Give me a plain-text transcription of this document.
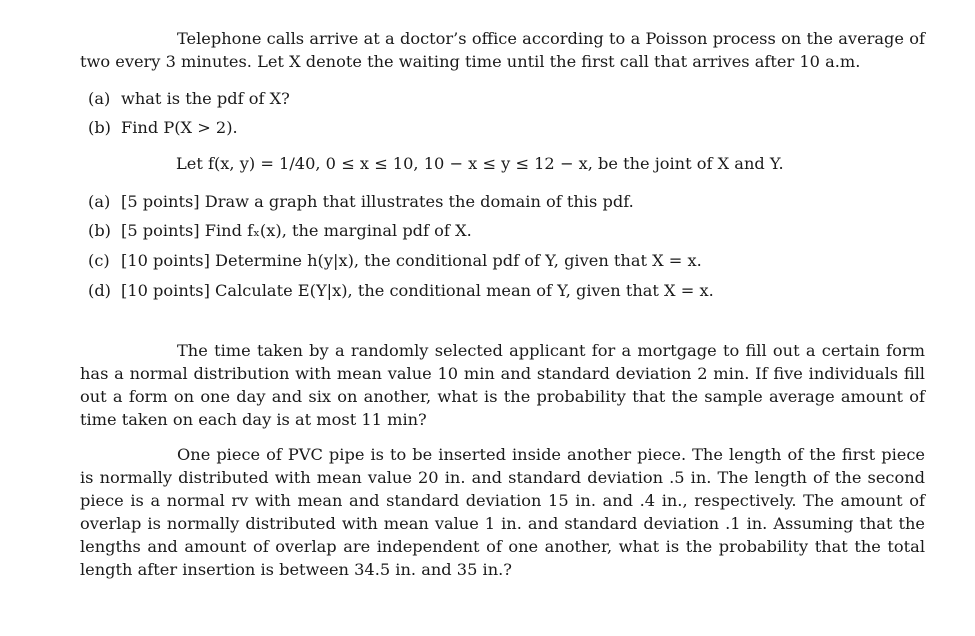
Telephone calls arrive at a doctor’s office according to a Poisson process on the average of two every 3 minutes. Let X denote the waiting time until the first call that arrives after 10 a.m.

(a) what is the pdf of X?
(b) Find P(X > 2).
Let f(x, y) = 1/40, 0 ≤ x ≤ 10, 10 − x ≤ y ≤ 12 − x, be the joint of X and Y.
(a) [5 points] Draw a graph that illustrates the domain of this pdf.
(b) [5 points] Find fₓ(x), the marginal pdf of X.
(c) [10 points] Determine h(y|x), the conditional pdf of Y, given that X = x.
(d) [10 points] Calculate E(Y|x), the conditional mean of Y, given that X = x.

The time taken by a randomly selected applicant for a mortgage to fill out a certain form has a normal distribution with mean value 10 min and standard deviation 2 min. If five individuals fill out a form on one day and six on another, what is the probability that the sample average amount of time taken on each day is at most 11 min?

One piece of PVC pipe is to be inserted inside another piece. The length of the first piece is normally distributed with mean value 20 in. and standard deviation .5 in. The length of the second piece is a normal rv with mean and standard deviation 15 in. and .4 in., respectively. The amount of overlap is normally distributed with mean value 1 in. and standard deviation .1 in. Assuming that the lengths and amount of overlap are independent of one another, what is the probability that the total length after insertion is between 34.5 in. and 35 in.?
